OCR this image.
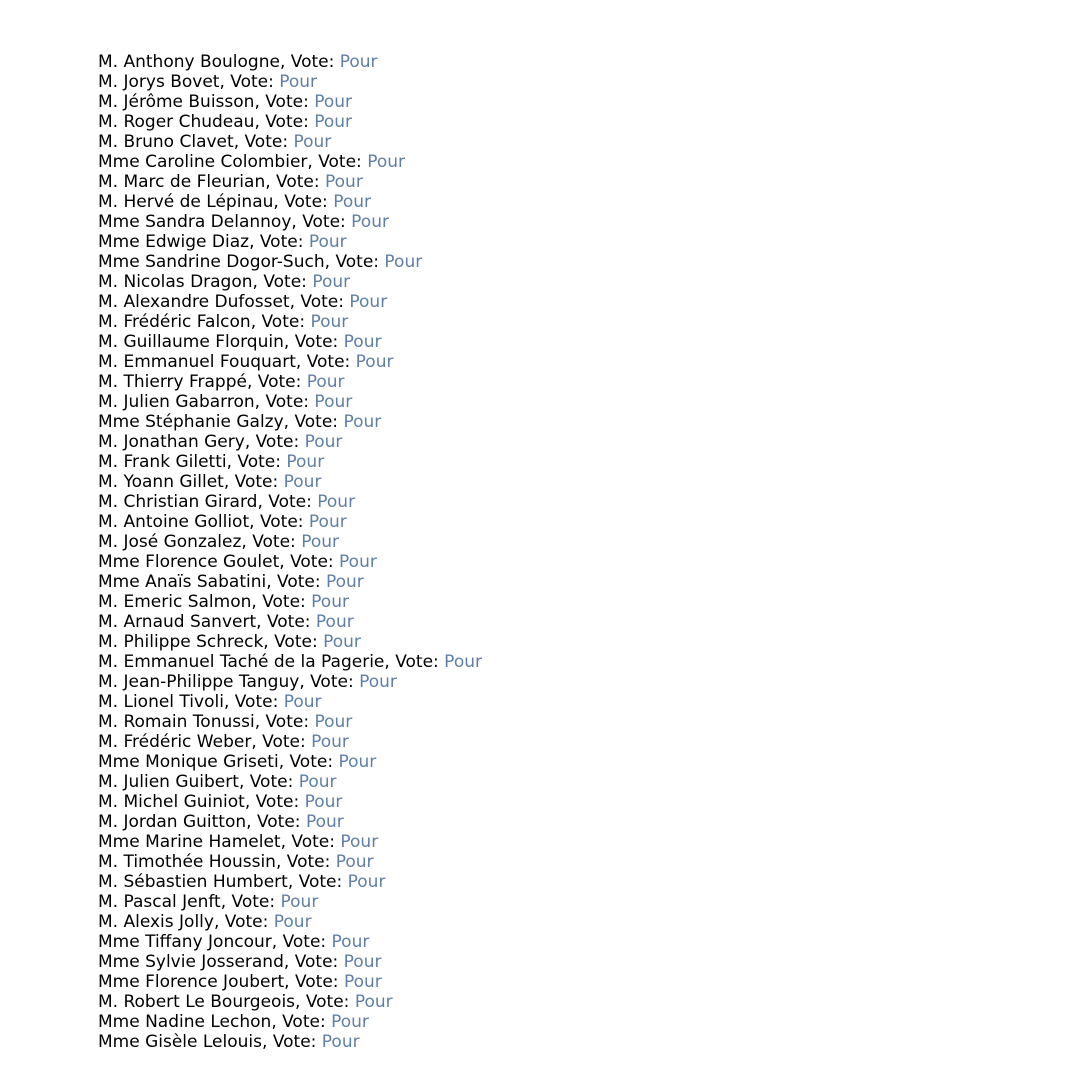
M. Anthony Boulogne, Vote: Pour
M. Jorys Bovet, Vote: Pour
M. Jérôme Buisson, Vote: Pour
M. Roger Chudeau, Vote: Pour
M. Bruno Clavet, Vote: Pour
Mme Caroline Colombier, Vote: Pour
M. Marc de Fleurian, Vote: Pour
M. Hervé de Lépinau, Vote: Pour
Mme Sandra Delannoy, Vote: Pour
Mme Edwige Diaz, Vote: Pour
Mme Sandrine Dogor-Such, Vote: Pour
M. Nicolas Dragon, Vote: Pour
M. Alexandre Dufosset, Vote: Pour
M. Frédéric Falcon, Vote: Pour
M. Guillaume Florquin, Vote: Pour
M. Emmanuel Fouquart, Vote: Pour
M. Thierry Frappé, Vote: Pour
M. Julien Gabarron, Vote: Pour
Mme Stéphanie Galzy, Vote: Pour
M. Jonathan Gery, Vote: Pour
M. Frank Giletti, Vote: Pour
M. Yoann Gillet, Vote: Pour
M. Christian Girard, Vote: Pour
M. Antoine Golliot, Vote: Pour
M. José Gonzalez, Vote: Pour
Mme Florence Goulet, Vote: Pour
Mme Anaïs Sabatini, Vote: Pour
M. Emeric Salmon, Vote: Pour
M. Arnaud Sanvert, Vote: Pour
M. Philippe Schreck, Vote: Pour
M. Emmanuel Taché de la Pagerie, Vote: Pour
M. Jean-Philippe Tanguy, Vote: Pour
M. Lionel Tivoli, Vote: Pour
M. Romain Tonussi, Vote: Pour
M. Frédéric Weber, Vote: Pour
Mme Monique Griseti, Vote: Pour
M. Julien Guibert, Vote: Pour
M. Michel Guiniot, Vote: Pour
M. Jordan Guitton, Vote: Pour
Mme Marine Hamelet, Vote: Pour
M. Timothée Houssin, Vote: Pour
M. Sébastien Humbert, Vote: Pour
M. Pascal Jenft, Vote: Pour
M. Alexis Jolly, Vote: Pour
Mme Tiffany Joncour, Vote: Pour
Mme Sylvie Josserand, Vote: Pour
Mme Florence Joubert, Vote: Pour
M. Robert Le Bourgeois, Vote: Pour
Mme Nadine Lechon, Vote: Pour
Mme Gisèle Lelouis, Vote: Pour
